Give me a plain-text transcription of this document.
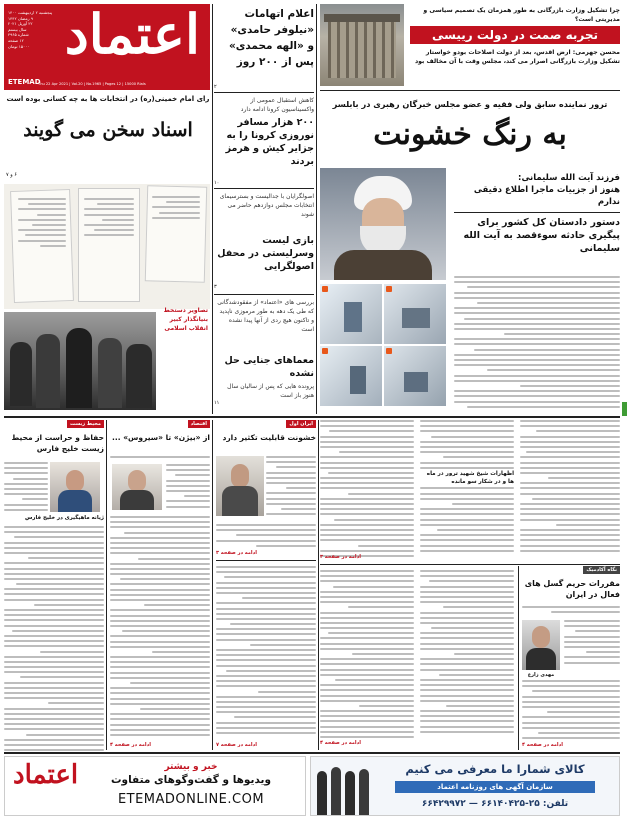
اعتماد
پنجشنبه ۲ اردیبهشت ۱۴۰۰
۹ رمضان ۱۴۴۲
۲۲ آوریل ۲۰۲۱
سال بیستم
شماره ۴۹۶۵
۱۲ صفحه
۱۵۰۰۰ تومان
ETEMAD
Thu 22 Apr 2021 | Vol.20 | No.1965 | Pages 12 | 15000 Rials
اعلام اتهامات «نیلوفر حامدی» و «الهه محمدی» پس از ۲۰۰ روز
۲
کاهش استقبال عمومی از واکسیناسیون کرونا ادامه دارد
۲۰۰ هزار مسافر نوروزی کرونا را به جزایر کیش و هرمز بردند
۱۰
اصولگرایان با جدالیست و بسترسیمای انتخابات مجلس دوازدهم حاضر می شوند
بازی لیست وسرلیستی در محفل اصولگرایی
۳
بررسی های «اعتماد» از مفقودشدگانی که طی یک دهه به طور مرموزی ناپدید و تاکنون هیچ ردی از آنها پیدا نشده است
معماهای جنایی حل نشده
پرونده هایی که پس از سالیان سال هنوز باز است
۱۱
چرا تشکیل وزارت بازرگانی به طور همزمان یک تصمیم سیاسی و مدیریتی است؟
تجربه صمت در دولت رییسی
محسن جهرمی: ارض اقدس، بعد از دولت اصلاحات بودو خواستار تشکیل وزارت بازرگانی اصرار می کند، مجلس وقت با آن مخالف بود
رای امام خمینی(ره) در انتخابات ها به چه کسانی بوده است
اسناد سخن می گویند
۶ و ۷
تصاویر دستخط بنیانگذار کبیر انقلاب اسلامی
ترور نماینده سابق ولی فقیه و عضو مجلس خبرگان رهبری در بابلسر
به رنگ خشونت
فرزند آیت الله سلیمانی:
هنوز از جزییات ماجرا اطلاع دقیقی ندارم
دستور دادستان کل کشور برای پیگیری حادثه سوءقصد به آیت الله سلیمانی
اظهارات شیخ شهید ترور در ماه ها و در شکار سو مانده
ادامه در صفحه ۳
محیط زیست
حفاظ و حراست از محیط زیست خلیج فارس
ژیانه ماهیگیری در خلیج فارس
اقتصاد
از «بیژن» تا «سیروس» ...
ادامه در صفحه ۴
ایران اول
خشونت قابلیت تکثیر دارد
ادامه در صفحه ۳
ادامه در صفحه ۷	ادامه در صفحه ۴
نگاه آکادمیک
مقررات حریم گسل های فعال در ایران
مهدی زارع
ادامه در صفحه ۴
اعتماد	خبر و بیشتر
ویدیوها و گفت‌وگوهای متفاوت
ETEMADONLINE.COM
کالای شمارا ما معرفی می کنیم
سازمان آگهی های روزنامه اعتماد
تلفن: ۲۵-۶۶۱۴۰۴۲۵ — ۶۶۴۲۹۹۷۲
